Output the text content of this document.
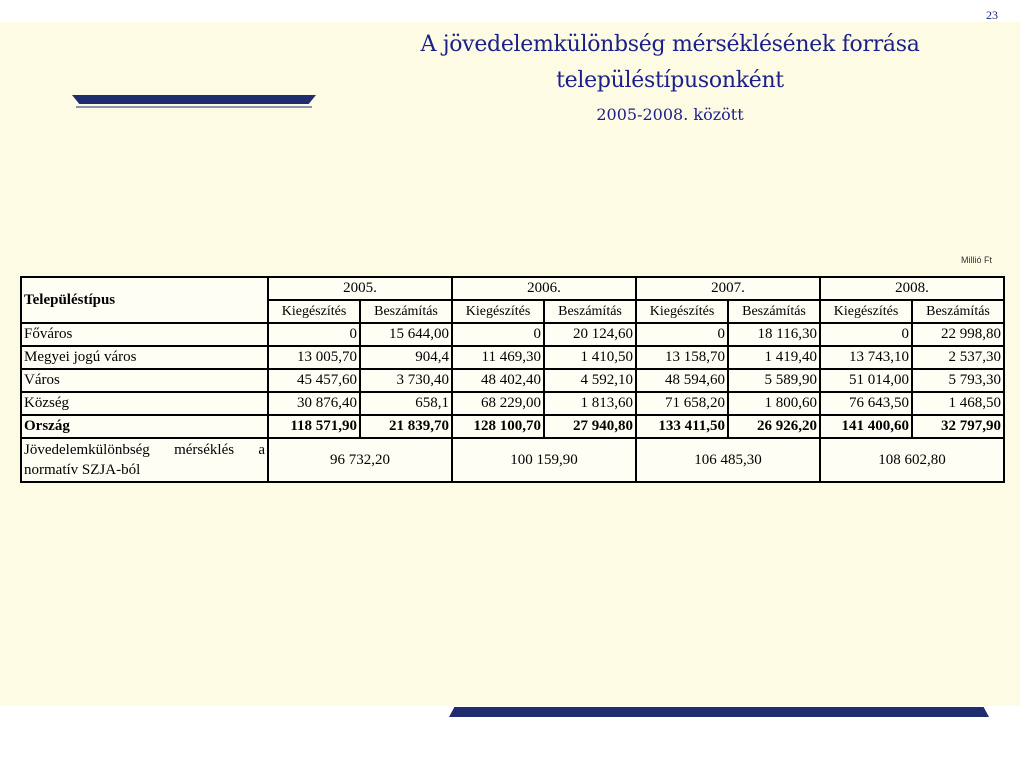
23
A jövedelemkülönbség mérséklésének forrása
településtípusonként
2005-2008. között
Millió Ft
Településtípus	2005.		2006.		2007.		2008.	
	Kiegészítés	Beszámítás	Kiegészítés	Beszámítás	Kiegészítés	Beszámítás	Kiegészítés	Beszámítás
Főváros	0	15 644,00	0	20 124,60	0	18 116,30	0	22 998,80
Megyei jogú város	13 005,70	904,4	11 469,30	1 410,50	13 158,70	1 419,40	13 743,10	2 537,30
Város	45 457,60	3 730,40	48 402,40	4 592,10	48 594,60	5 589,90	51 014,00	5 793,30
Község	30 876,40	658,1	68 229,00	1 813,60	71 658,20	1 800,60	76 643,50	1 468,50
Ország	118 571,90	21 839,70	128 100,70	27 940,80	133 411,50	26 926,20	141 400,60	32 797,90
Jövedelemkülönbség mérséklés a normatív SZJA-ból	96 732,20		100 159,90		106 485,30		108 602,80	
